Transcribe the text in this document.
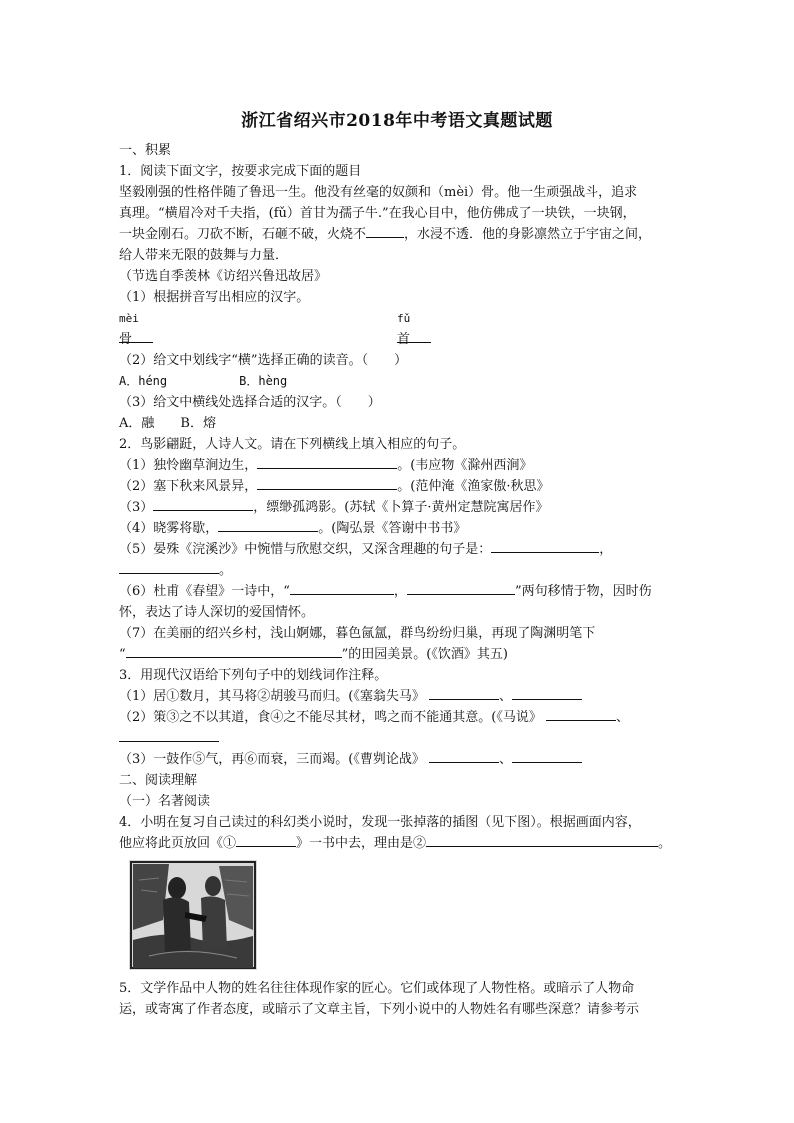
浙江省绍兴市2018年中考语文真题试题

一、积累

1．阅读下面文字，按要求完成下面的题目

坚毅刚强的性格伴随了鲁迅一生。他没有丝毫的奴颜和（mèi）骨。他一生顽强战斗，追求

真理。“横眉冷对千夫指，(fǔ）首甘为孺子牛.”在我心目中，他仿佛成了一块铁，一块钢，

一块金刚石。刀砍不断，石砸不破，火烧不	，水浸不透．他的身影凛然立于宇宙之间，

给人带来无限的鼓舞与力量．

（节选自季羡林《访绍兴鲁迅故居》

（1）根据拼音写出相应的汉字。

mèi	fǔ
骨	首

（2）给文中划线字“横”选择正确的读音。（　　）

A．héng　　　　　　B．hèng

（3）给文中横线处选择合适的汉字。（　　）

A．融　　B．熔

2．鸟影翩跹，人诗人文。请在下列横线上填入相应的句子。

（1）独怜幽草涧边生，	。(韦应物《滁州西涧》

（2）塞下秋来风景异，	。(范仲淹《渔家傲·秋思》

（3）	，缥缈孤鸿影。(苏轼《卜算子·黄州定慧院寓居作》

（4）晓雾将歇，	。(陶弘景《答谢中书书》

（5）晏殊《浣溪沙》中惋惜与欣慰交织，又深含理趣的句子是：	，

。

（6）杜甫《春望》一诗中，“	，	”两句移情于物，因时伤

怀，表达了诗人深切的爱国情怀。

（7）在美丽的绍兴乡村，浅山婀娜，暮色氤氲，群鸟纷纷归巢，再现了陶渊明笔下

“	”的田园美景。(《饮酒》其五)

3．用现代汉语给下列句子中的划线词作注释。

（1）居①数月，其马将②胡骏马而归。(《塞翁失马》	、

（2）策③之不以其道，食④之不能尽其材，鸣之而不能通其意。(《马说》	、

（3）一鼓作⑤气，再⑥而衰，三而竭。(《曹刿论战》	、

二、阅读理解

（一）名著阅读

4．小明在复习自己读过的科幻类小说时，发现一张掉落的插图（见下图）。根据画面内容，

他应将此页放回《①	》一书中去，理由是②	。

5．文学作品中人物的姓名往往体现作家的匠心。它们或体现了人物性格。或暗示了人物命

运，或寄寓了作者态度，或暗示了文章主旨，下列小说中的人物姓名有哪些深意？请参考示
